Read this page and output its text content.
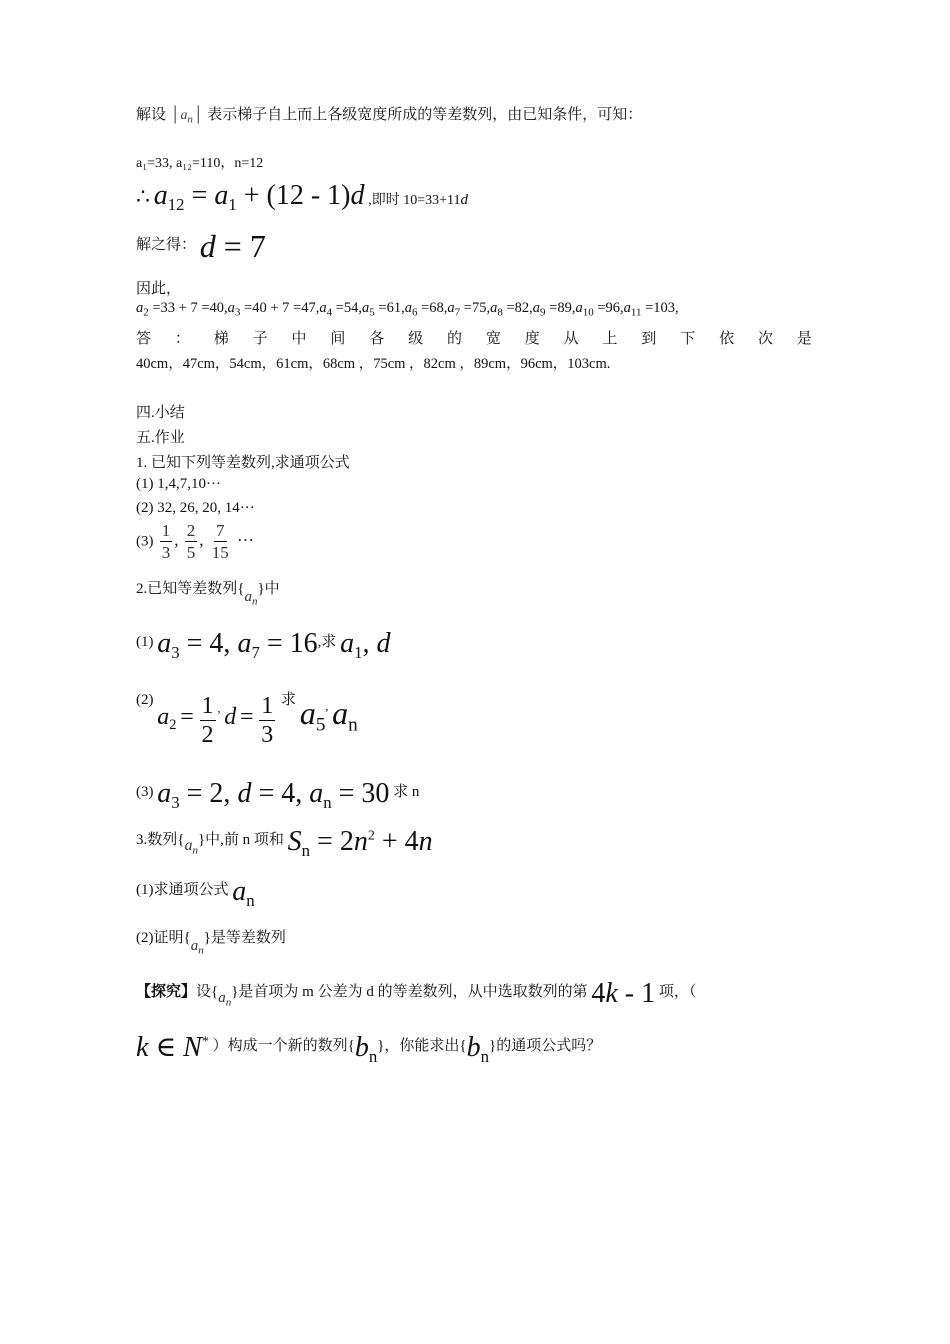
解设 $│a_n│$ 表示梯子自上而上各级宽度所成的等差数列，由已知条件，可知：
a₁=33, a₁₂=110，n=12
∴ $a_{12} = a_1 + (12 - 1)d$ ,即时 10=33+11d
解之得： d = 7
因此，
$a_2 =33 + 7 =40,a_3 =40 + 7 =47,a_4 =54,a_5 =61,a_6 =68,a_7 =75,a_8 =82,a_9 =89,a_{10} =96,a_{11} =103$,
答 ： 梯 子 中 间 各 级 的 宽 度 从 上 到 下 依 次 是
40cm，47cm，54cm，61cm，68cm ，75cm ，82cm ，89cm，96cm，103cm.
四.小结
五.作业
1. 已知下列等差数列,求通项公式
(1) 1,4,7,10···
(2) 32, 26, 20, 14···
$(3) \frac{1}{3}$ , $\frac{2}{5}$ , $\frac{7}{15}$ ···
2.已知等差数列$\{a_n\}$中
(1) $a_3 = 4$, $a_7 = 16$,求 $a_1$, d
(2) $a_2 = \frac{1}{2} ^,$ $d = \frac{1}{3}$ 求 $a_5^,$ $a_n$
(3) $a_3 = 2$, d = 4, $a_n = 30$ 求 n
3.数列$\{a_n\}$中,前 n 项和 $S_n = 2n^2 + 4n$
(1)求通项公式 $a_n$
(2)证明$\{a_n\}$是等差数列
【探究】设$\{a_n\}$是首项为 m 公差为 d 的等差数列，从中选取数列的第 4k - 1 项，（
k ∈ N* ）构成一个新的数列$\{b_n\}$，你能求出$\{b_n\}$的通项公式吗？
